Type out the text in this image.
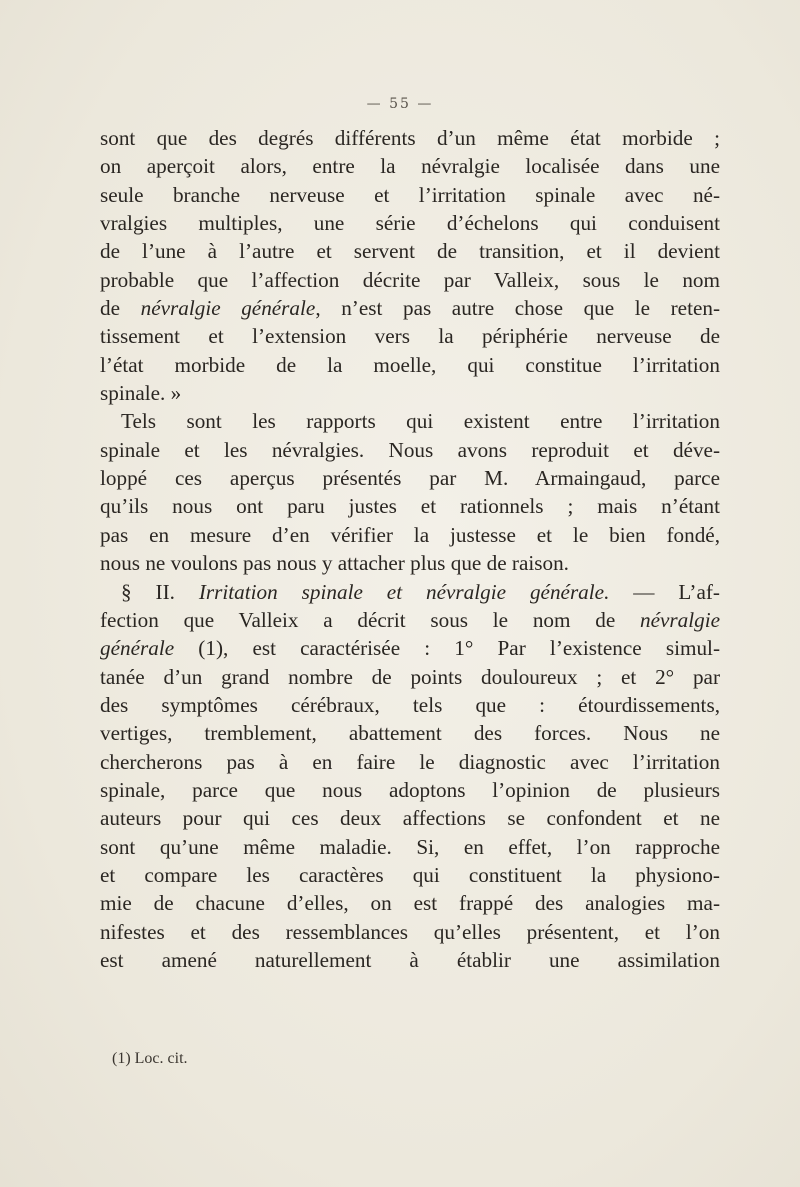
— 55 —
sont que des degrés différents d’un même état morbide ;
on aperçoit alors, entre la névralgie localisée dans une
seule branche nerveuse et l’irritation spinale avec né-
vralgies multiples, une série d’échelons qui conduisent
de l’une à l’autre et servent de transition, et il devient
probable que l’affection décrite par Valleix, sous le nom
de névralgie générale, n’est pas autre chose que le reten-
tissement et l’extension vers la périphérie nerveuse de
l’état morbide de la moelle, qui constitue l’irritation
spinale. »
Tels sont les rapports qui existent entre l’irritation
spinale et les névralgies. Nous avons reproduit et déve-
loppé ces aperçus présentés par M. Armaingaud, parce
qu’ils nous ont paru justes et rationnels ; mais n’étant
pas en mesure d’en vérifier la justesse et le bien fondé,
nous ne voulons pas nous y attacher plus que de raison.
§ II. Irritation spinale et névralgie générale. — L’af-
fection que Valleix a décrit sous le nom de névralgie
générale (1), est caractérisée : 1° Par l’existence simul-
tanée d’un grand nombre de points douloureux ; et 2° par
des symptômes cérébraux, tels que : étourdissements,
vertiges, tremblement, abattement des forces. Nous ne
chercherons pas à en faire le diagnostic avec l’irritation
spinale, parce que nous adoptons l’opinion de plusieurs
auteurs pour qui ces deux affections se confondent et ne
sont qu’une même maladie. Si, en effet, l’on rapproche
et compare les caractères qui constituent la physiono-
mie de chacune d’elles, on est frappé des analogies ma-
nifestes et des ressemblances qu’elles présentent, et l’on
est amené naturellement à établir une assimilation
(1) Loc. cit.
